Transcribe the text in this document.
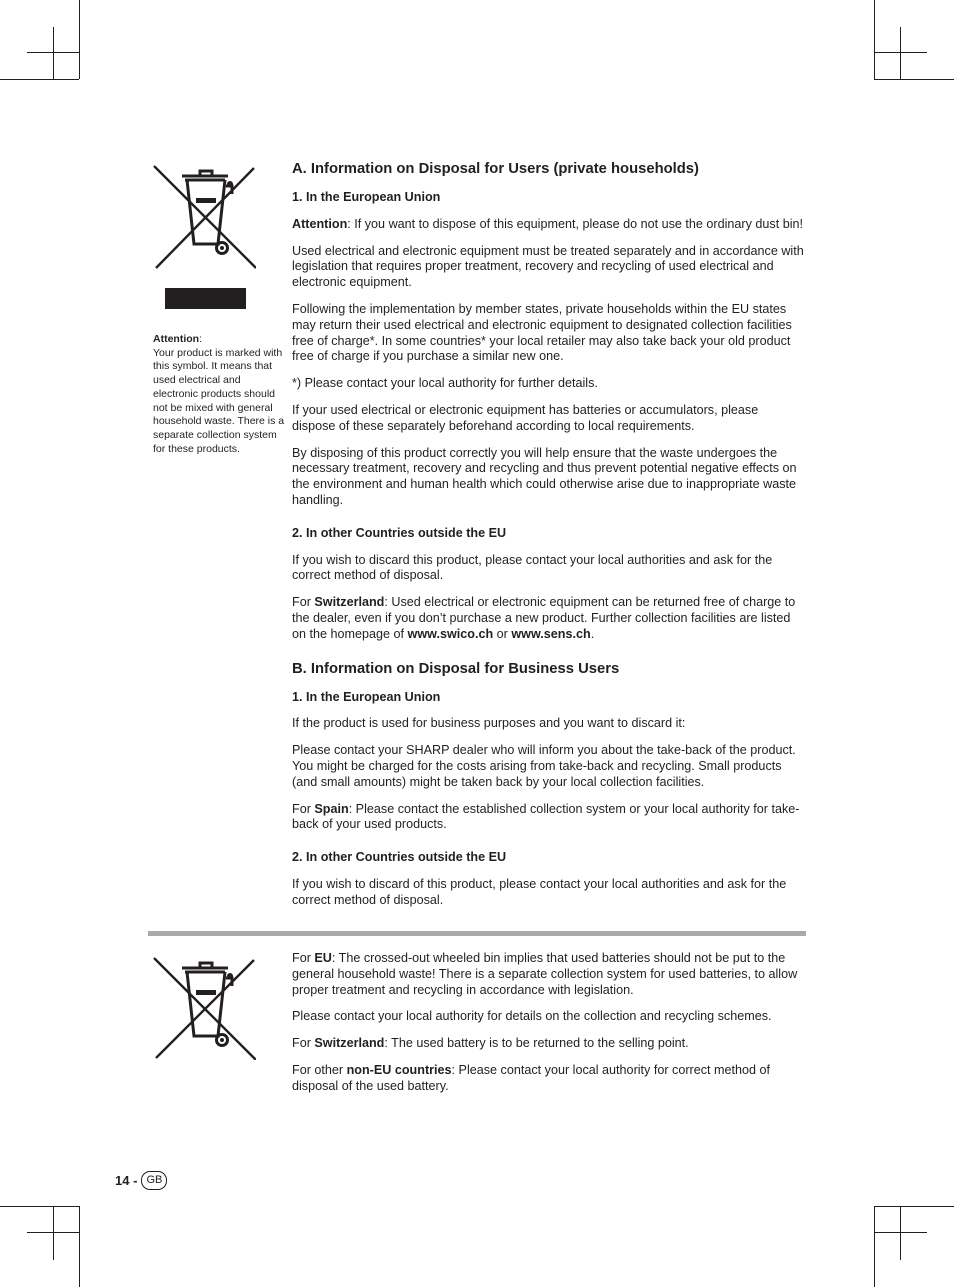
Attention:
Your product is marked with this symbol. It means that used electrical and electronic products should not be mixed with general household waste. There is a separate collection system for these products.
A. Information on Disposal for Users (private households)
1. In the European Union

Attention: If you want to dispose of this equipment, please do not use the ordinary dust bin!

Used electrical and electronic equipment must be treated separately and in accordance with legislation that requires proper treatment, recovery and recycling of used electrical and electronic equipment.

Following the implementation by member states, private households within the EU states may return their used electrical and electronic equipment to designated collection facilities free of charge*. In some countries* your local retailer may also take back your old product free of charge if you purchase a similar new one.

*) Please contact your local authority for further details.

If your used electrical or electronic equipment has batteries or accumulators, please dispose of these separately beforehand according to local requirements.

By disposing of this product correctly you will help ensure that the waste undergoes the necessary treatment, recovery and recycling and thus prevent potential negative effects on the environment and human health which could otherwise arise due to inappropriate waste handling.

2. In other Countries outside the EU

If you wish to discard this product, please contact your local authorities and ask for the correct method of disposal.

For Switzerland: Used electrical or electronic equipment can be returned free of charge to the dealer, even if you don’t purchase a new product. Further collection facilities are listed on the homepage of www.swico.ch or www.sens.ch.

B. Information on Disposal for Business Users
1. In the European Union

If the product is used for business purposes and you want to discard it:

Please contact your SHARP dealer who will inform you about the take-back of the product. You might be charged for the costs arising from take-back and recycling. Small products (and small amounts) might be taken back by your local collection facilities.

For Spain: Please contact the established collection system or your local authority for take-back of your used products.

2. In other Countries outside the EU

If you wish to discard of this product, please contact your local authorities and ask for the correct method of disposal.

For EU: The crossed-out wheeled bin implies that used batteries should not be put to the general household waste! There is a separate collection system for used batteries, to allow proper treatment and recycling in accordance with legislation.

Please contact your local authority for details on the collection and recycling schemes.

For Switzerland: The used battery is to be returned to the selling point.

For other non-EU countries: Please contact your local authority for correct method of disposal of the used battery.

14 - GB
